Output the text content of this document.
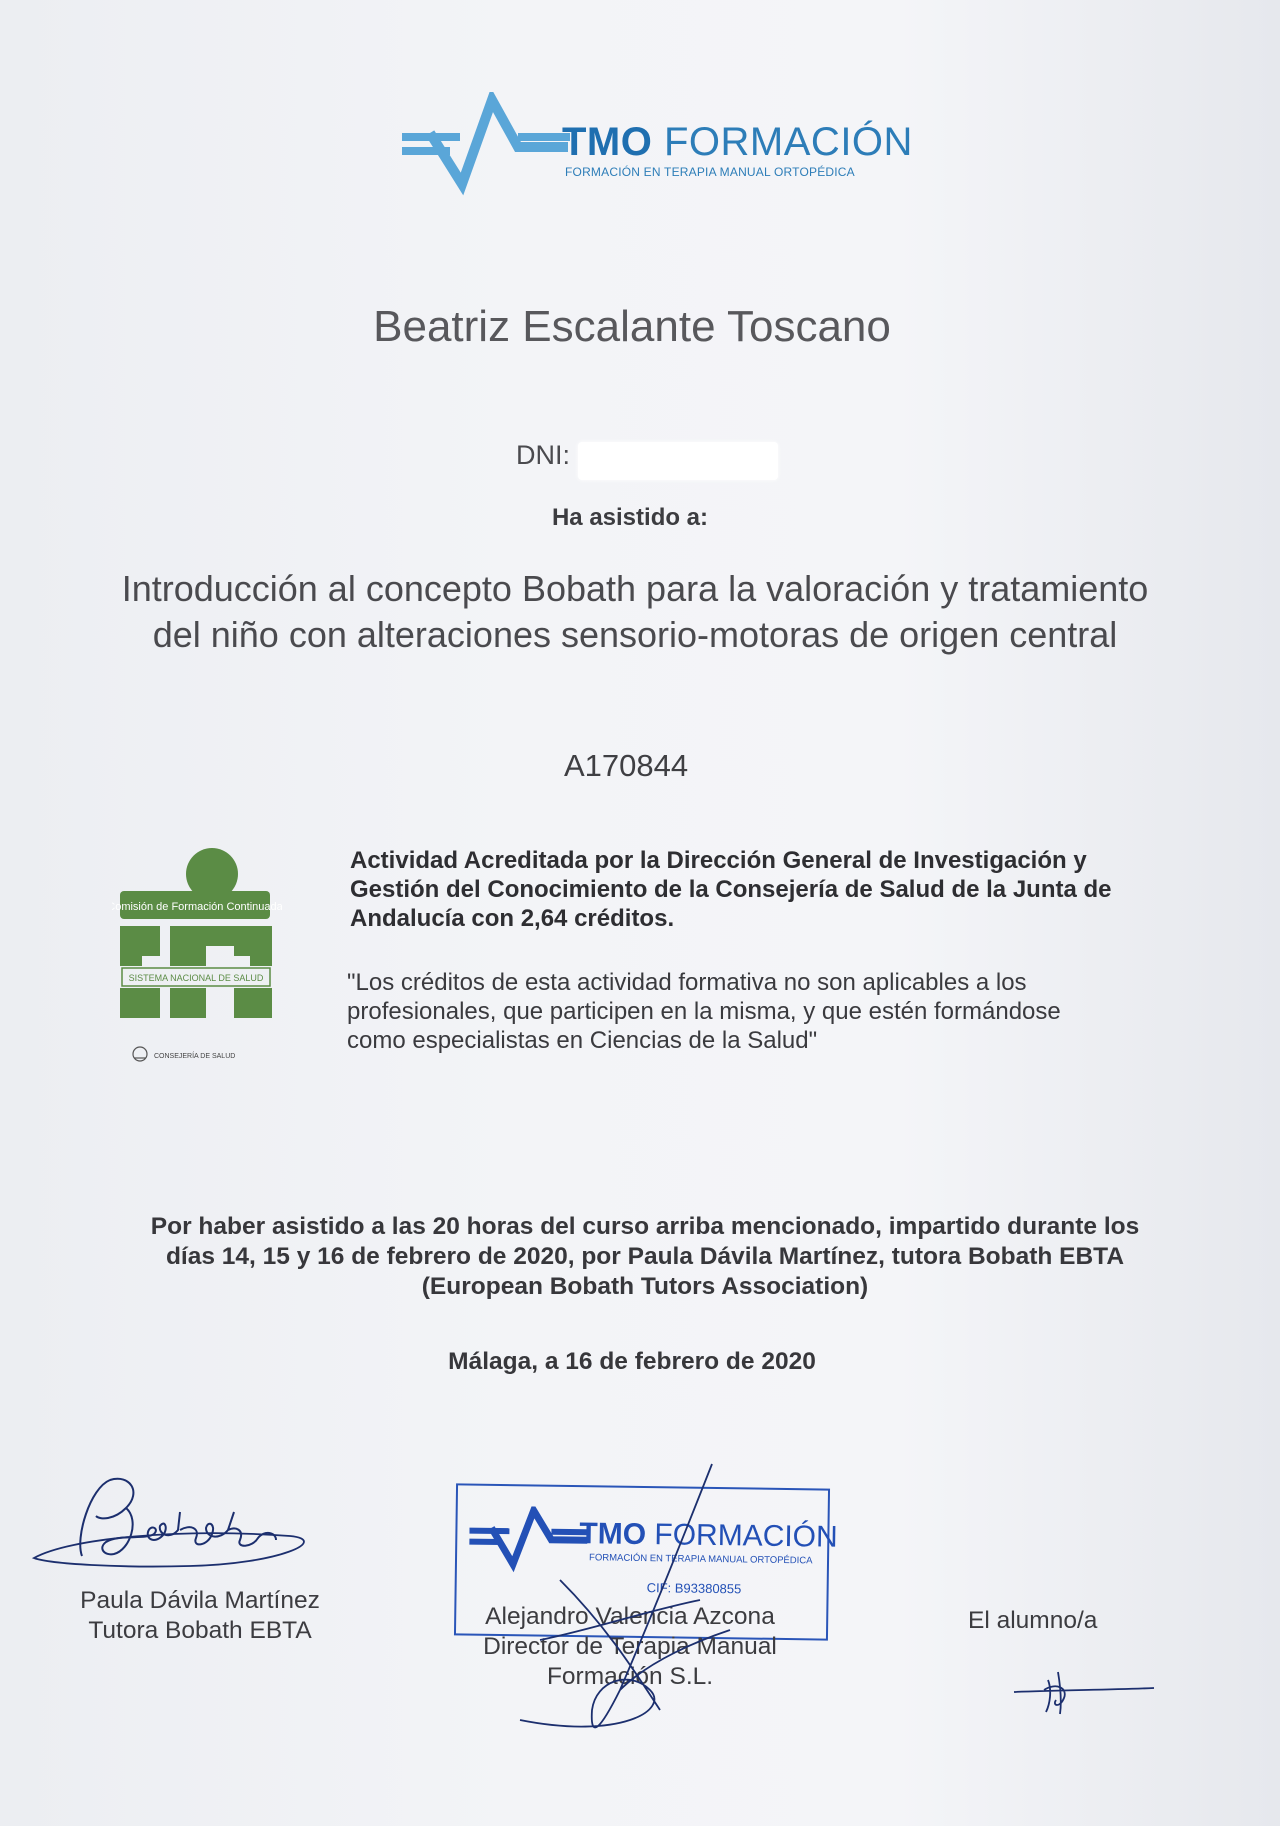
TMO FORMACIÓN
FORMACIÓN EN TERAPIA MANUAL ORTOPÉDICA
Beatriz Escalante Toscano
DNI:
Ha asistido a:
Introducción al concepto Bobath para la valoración y tratamiento
del niño con alteraciones sensorio-motoras de origen central
A170844
Comisión de Formación Continuada
SISTEMA NACIONAL DE SALUD
CONSEJERÍA DE SALUD
Actividad Acreditada por la Dirección General de Investigación y
Gestión del Conocimiento de la Consejería de Salud de la Junta de
Andalucía con 2,64 créditos.
"Los créditos de esta actividad formativa no son aplicables a los
profesionales, que participen en la misma, y que estén formándose
como especialistas en Ciencias de la Salud"
Por haber asistido a las 20 horas del curso arriba mencionado, impartido durante los
días 14, 15 y 16 de febrero de 2020, por Paula Dávila Martínez, tutora Bobath EBTA
(European Bobath Tutors Association)
Málaga, a 16 de febrero de 2020
Paula Dávila Martínez
Tutora Bobath EBTA
TMO FORMACIÓN
FORMACIÓN EN TERAPIA MANUAL ORTOPÉDICA
CIF: B93380855
Alejandro Valencia Azcona
Director de Terapia Manual
Formación S.L.
El alumno/a
